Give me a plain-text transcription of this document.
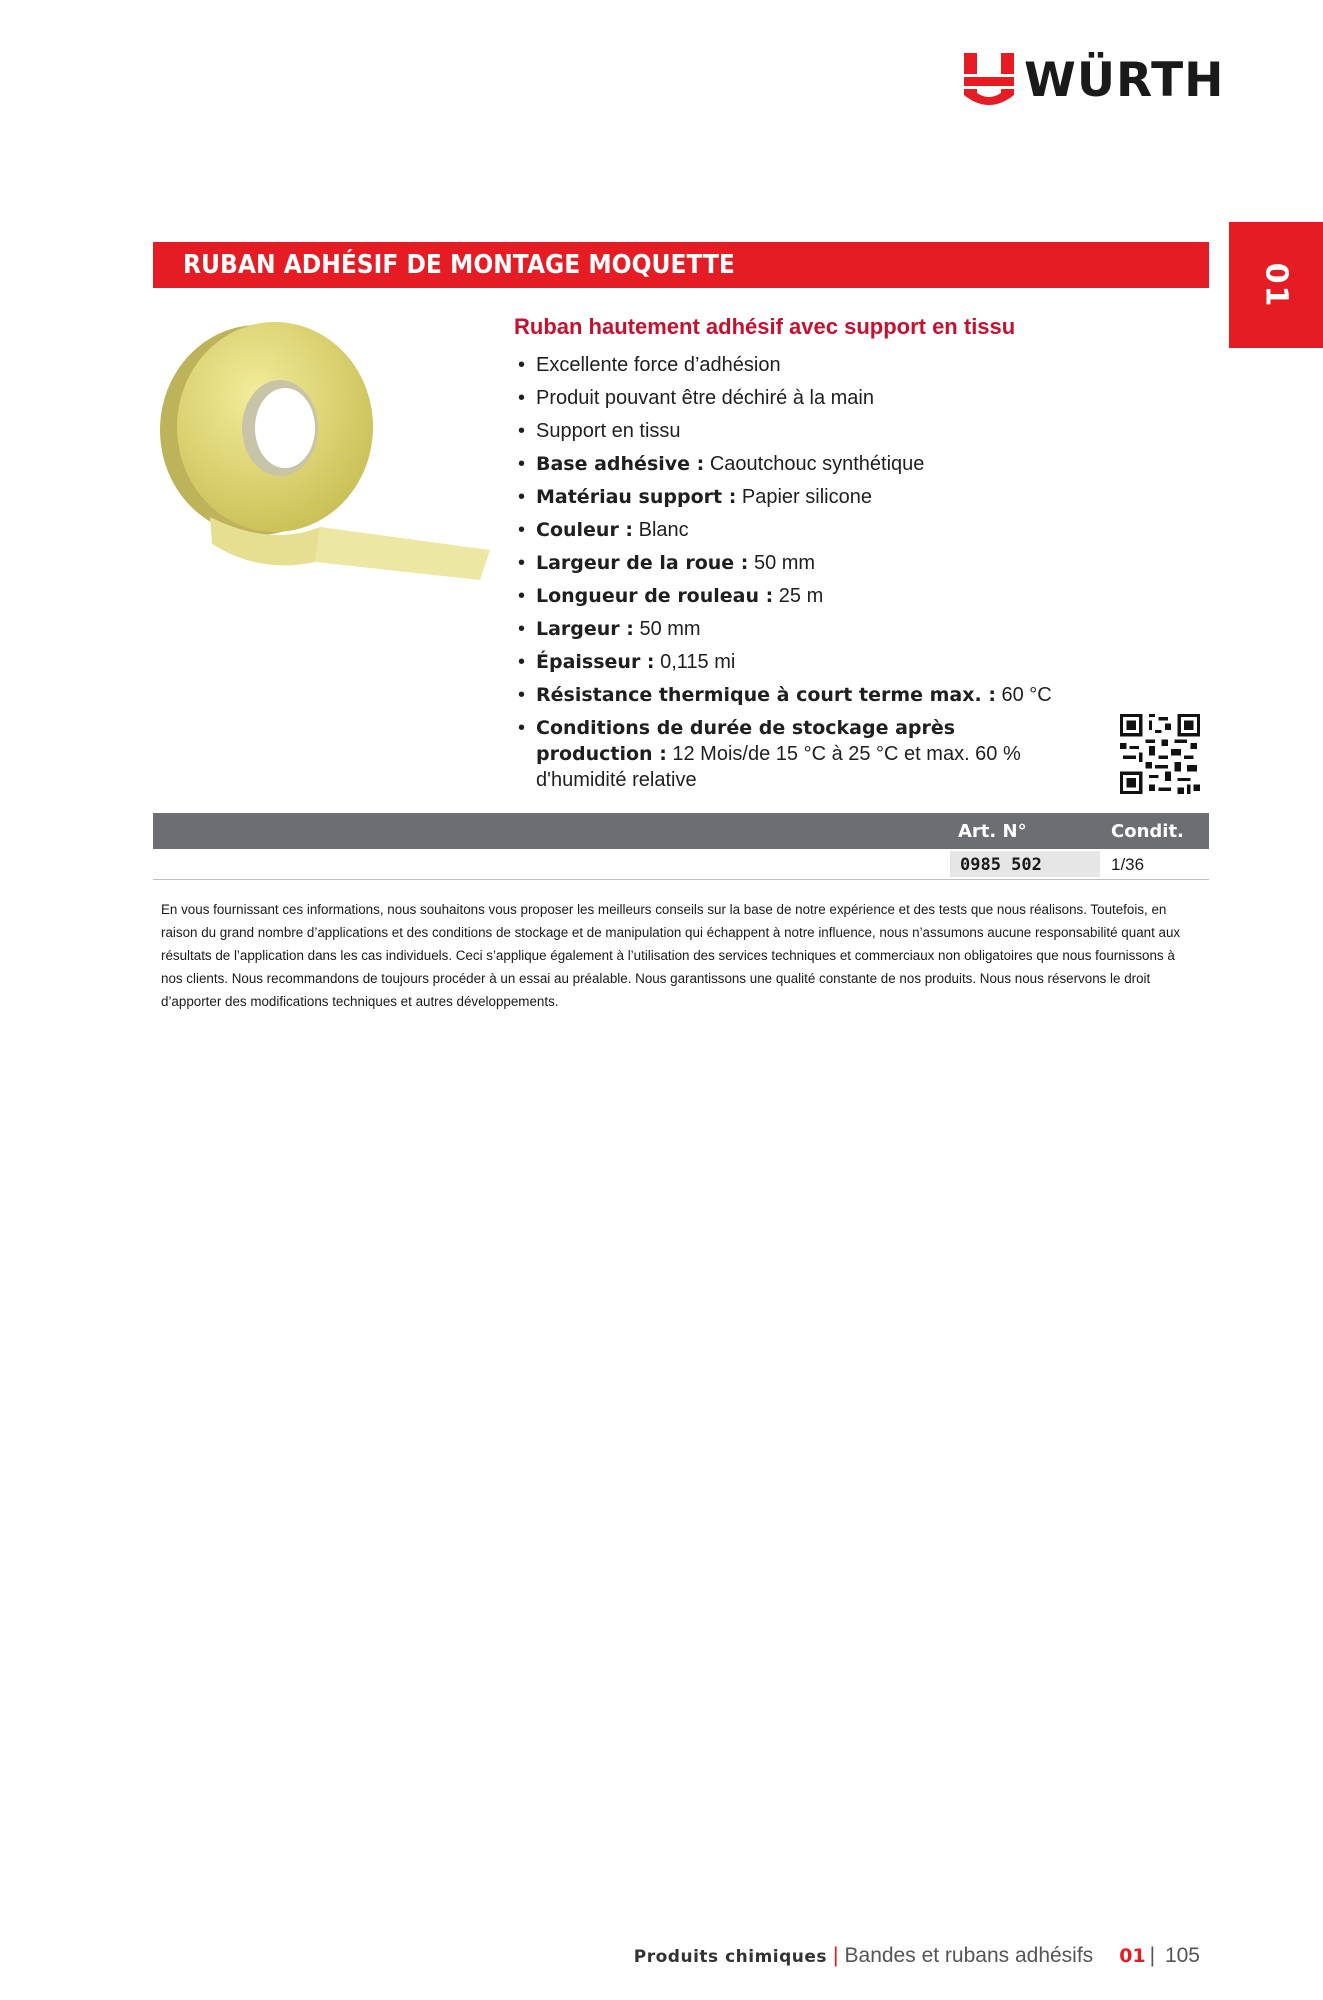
WÜRTH
01
RUBAN ADHÉSIF DE MONTAGE MOQUETTE

Ruban hautement adhésif avec support en tissu

• Excellente force d’adhésion
• Produit pouvant être déchiré à la main
• Support en tissu
• Base adhésive : Caoutchouc synthétique
• Matériau support : Papier silicone
• Couleur : Blanc
• Largeur de la roue : 50 mm
• Longueur de rouleau : 25 m
• Largeur : 50 mm
• Épaisseur : 0,115 mi
• Résistance thermique à court terme max. : 60 °C
• Conditions de durée de stockage après production : 12 Mois/de 15 °C à 25 °C et max. 60 % d'humidité relative
Art. N°	Condit.
0985 502	1/36

En vous fournissant ces informations, nous souhaitons vous proposer les meilleurs conseils sur la base de notre expérience et des tests que nous réalisons. Toutefois, en raison du grand nombre d’applications et des conditions de stockage et de manipulation qui échappent à notre influence, nous n’assumons aucune responsabilité quant aux résultats de l’application dans les cas individuels. Ceci s’applique également à l’utilisation des services techniques et commerciaux non obligatoires que nous fournissons à nos clients. Nous recommandons de toujours procéder à un essai au préalable. Nous garantissons une qualité constante de nos produits. Nous nous réservons le droit d’apporter des modifications techniques et autres développements.

Produits chimiques | Bandes et rubans adhésifs 01 | 105
